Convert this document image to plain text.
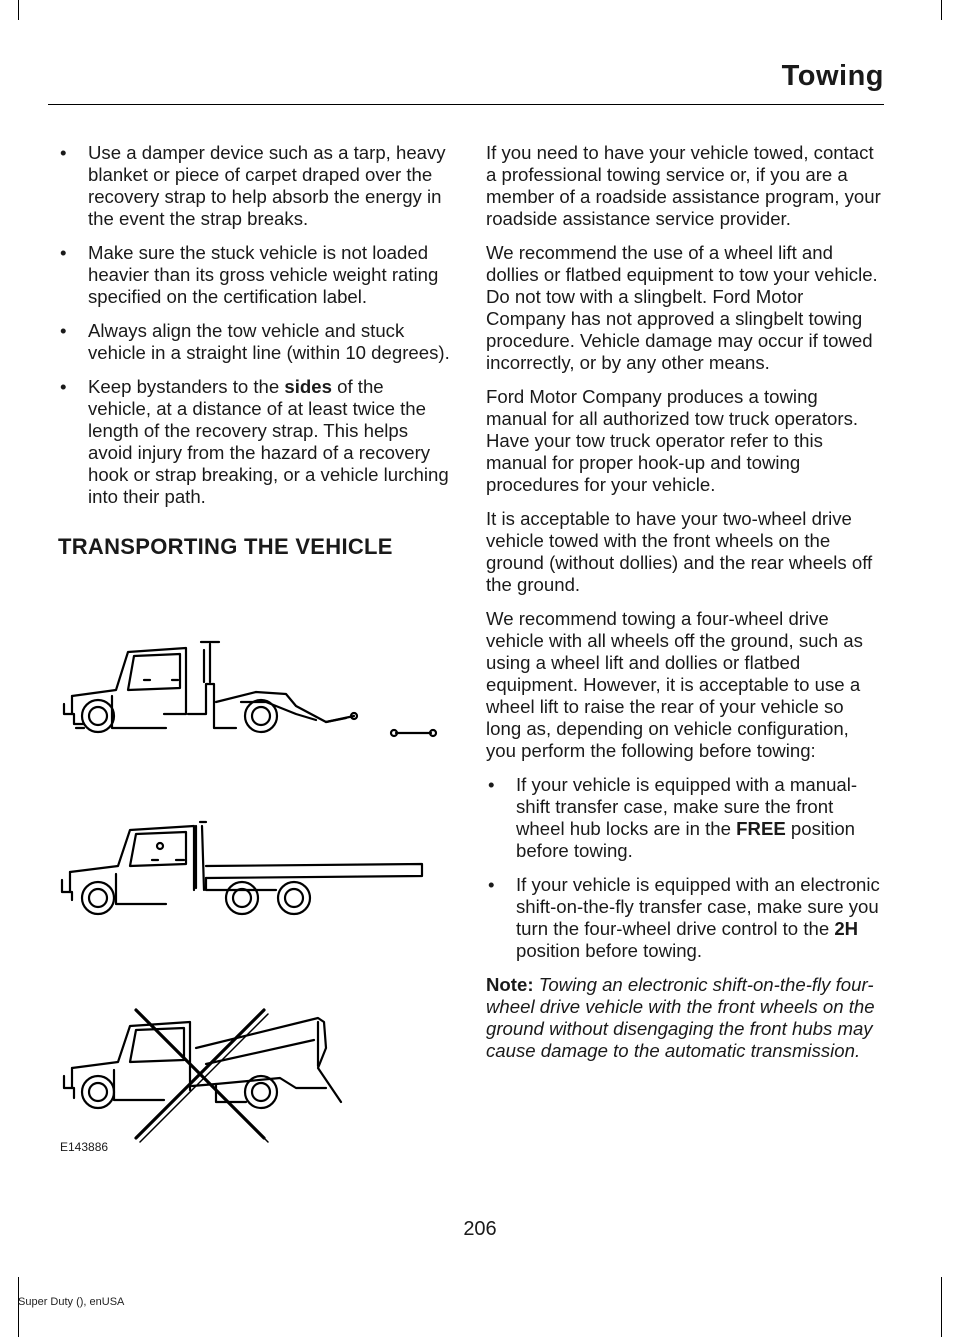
Towing
• Use a damper device such as a tarp, heavy blanket or piece of carpet draped over the recovery strap to help absorb the energy in the event the strap breaks.
• Make sure the stuck vehicle is not loaded heavier than its gross vehicle weight rating specified on the certification label.
• Always align the tow vehicle and stuck vehicle in a straight line (within 10 degrees).
• Keep bystanders to the sides of the vehicle, at a distance of at least twice the length of the recovery strap. This helps avoid injury from the hazard of a recovery hook or strap breaking, or a vehicle lurching into their path.
TRANSPORTING THE VEHICLE
E143886

If you need to have your vehicle towed, contact a professional towing service or, if you are a member of a roadside assistance program, your roadside assistance service provider.

We recommend the use of a wheel lift and dollies or flatbed equipment to tow your vehicle. Do not tow with a slingbelt. Ford Motor Company has not approved a slingbelt towing procedure. Vehicle damage may occur if towed incorrectly, or by any other means.

Ford Motor Company produces a towing manual for all authorized tow truck operators. Have your tow truck operator refer to this manual for proper hook-up and towing procedures for your vehicle.

It is acceptable to have your two-wheel drive vehicle towed with the front wheels on the ground (without dollies) and the rear wheels off the ground.

We recommend towing a four-wheel drive vehicle with all wheels off the ground, such as using a wheel lift and dollies or flatbed equipment. However, it is acceptable to use a wheel lift to raise the rear of your vehicle so long as, depending on vehicle configuration, you perform the following before towing:

• If your vehicle is equipped with a manual-shift transfer case, make sure the front wheel hub locks are in the FREE position before towing.
• If your vehicle is equipped with an electronic shift-on-the-fly transfer case, make sure you turn the four-wheel drive control to the 2H position before towing.

Note: Towing an electronic shift-on-the-fly four-wheel drive vehicle with the front wheels on the ground without disengaging the front hubs may cause damage to the automatic transmission.

206
Super Duty (), enUSA
